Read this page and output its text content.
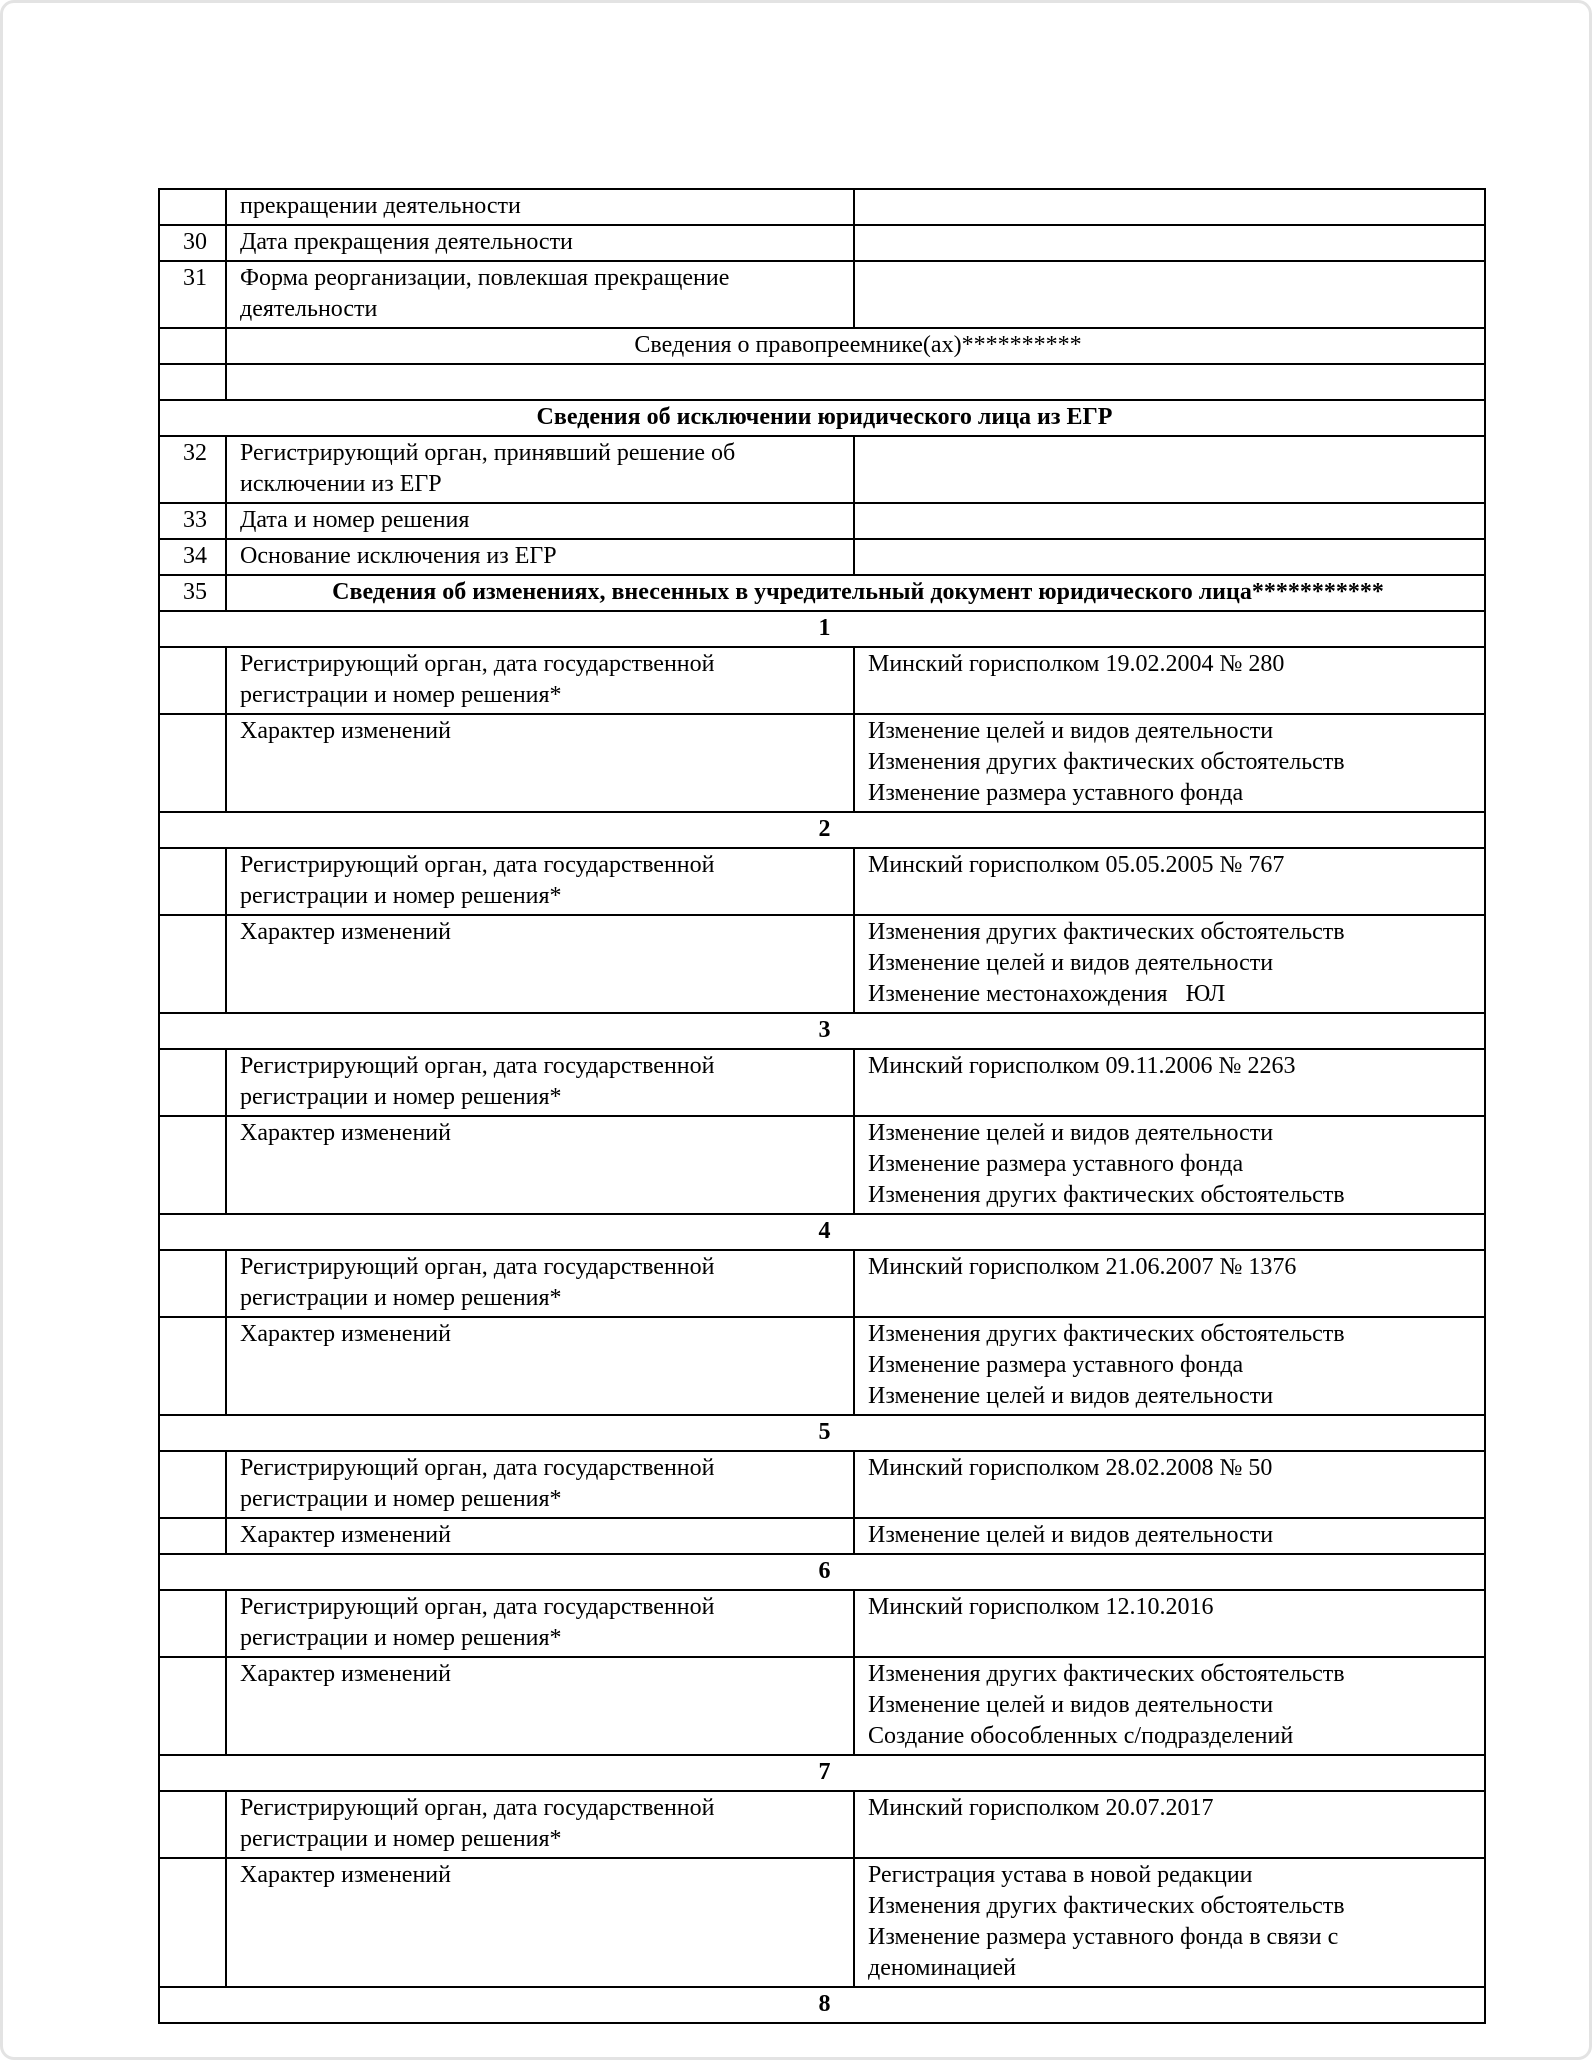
	прекращении деятельности	
30	Дата прекращения деятельности	
31	Форма реорганизации, повлекшая прекращение деятельности	
	Сведения о правопреемнике(ах)**********	

Сведения об исключении юридического лица из ЕГР		
32	Регистрирующий орган, принявший решение об исключении из ЕГР	
33	Дата и номер решения	
34	Основание исключения из ЕГР	
35	Сведения об изменениях, внесенных в учредительный документ юридического лица***********	
1		
	Регистрирующий орган, дата государственной регистрации и номер решения*	Минский горисполком 19.02.2004 № 280
	Характер изменений	Изменение целей и видов деятельности
Изменения других фактических обстоятельств
Изменение размера уставного фонда

2		
	Регистрирующий орган, дата государственной регистрации и номер решения*	Минский горисполком 05.05.2005 № 767
	Характер изменений	Изменения других фактических обстоятельств
Изменение целей и видов деятельности
Изменение местонахождения   ЮЛ

3		
	Регистрирующий орган, дата государственной регистрации и номер решения*	Минский горисполком 09.11.2006 № 2263
	Характер изменений	Изменение целей и видов деятельности
Изменение размера уставного фонда
Изменения других фактических обстоятельств

4		
	Регистрирующий орган, дата государственной регистрации и номер решения*	Минский горисполком 21.06.2007 № 1376
	Характер изменений	Изменения других фактических обстоятельств
Изменение размера уставного фонда
Изменение целей и видов деятельности

5		
	Регистрирующий орган, дата государственной регистрации и номер решения*	Минский горисполком 28.02.2008 № 50
	Характер изменений	Изменение целей и видов деятельности

6		
	Регистрирующий орган, дата государственной регистрации и номер решения*	Минский горисполком 12.10.2016
	Характер изменений	Изменения других фактических обстоятельств
Изменение целей и видов деятельности
Создание обособленных с/подразделений

7		
	Регистрирующий орган, дата государственной регистрации и номер решения*	Минский горисполком 20.07.2017
	Характер изменений	Регистрация устава в новой редакции
Изменения других фактических обстоятельств
Изменение размера уставного фонда в связи с деноминацией

8		
